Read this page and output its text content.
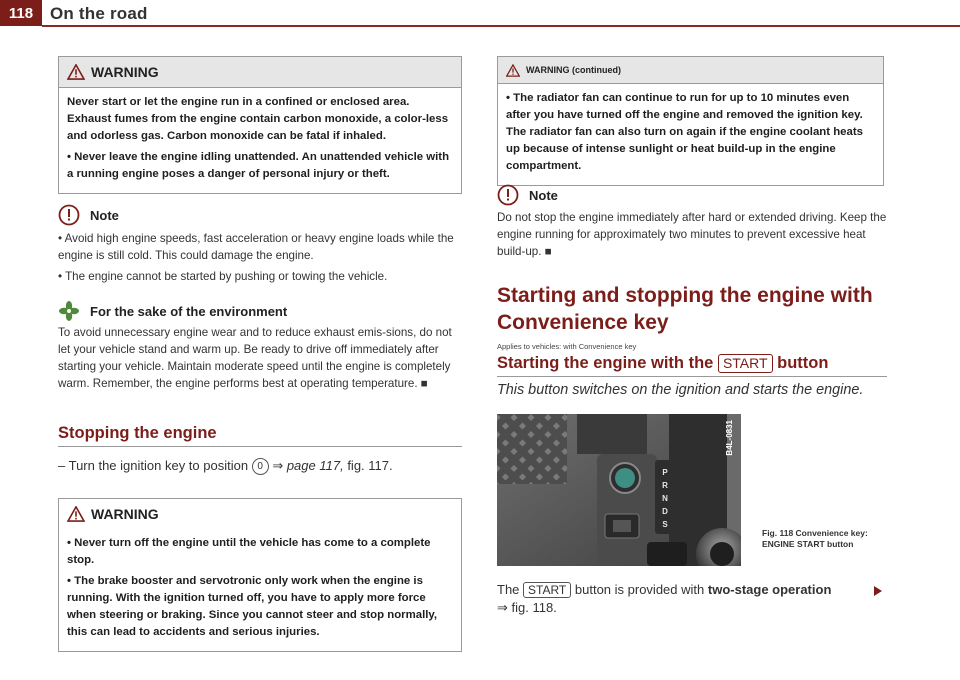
118 On the road
WARNING

Never start or let the engine run in a confined or enclosed area. Exhaust fumes from the engine contain carbon monoxide, a color-less and odorless gas. Carbon monoxide can be fatal if inhaled.

• Never leave the engine idling unattended. An unattended vehicle with a running engine poses a danger of personal injury or theft.

Note

• Avoid high engine speeds, fast acceleration or heavy engine loads while the engine is still cold. This could damage the engine.

• The engine cannot be started by pushing or towing the vehicle.

For the sake of the environment
To avoid unnecessary engine wear and to reduce exhaust emis-sions, do not let your vehicle stand and warm up. Be ready to drive off immediately after starting your vehicle. Maintain moderate speed until the engine is completely warm. Remember, the engine performs best at operating temperature. ■
Stopping the engine
– Turn the ignition key to position 0 ⇒ page 117, fig. 117.
WARNING

• Never turn off the engine until the vehicle has come to a complete stop.

• The brake booster and servotronic only work when the engine is running. With the ignition turned off, you have to apply more force when steering or braking. Since you cannot steer and stop normally, this can lead to accidents and serious injuries.

WARNING (continued)

• The radiator fan can continue to run for up to 10 minutes even after you have turned off the engine and removed the ignition key. The radiator fan can also turn on again if the engine coolant heats up because of intense sunlight or heat build-up in the engine compartment.

Note
Do not stop the engine immediately after hard or extended driving. Keep the engine running for approximately two minutes to prevent excessive heat build-up. ■
Starting and stopping the engine with Convenience key
Applies to vehicles: with Convenience key
Starting the engine with the START button
This button switches on the ignition and starts the engine.
P
R
N
D
S
B4L-0831
Fig. 118 Convenience key: ENGINE START button
The START button is provided with two-stage operation
⇒ fig. 118.
